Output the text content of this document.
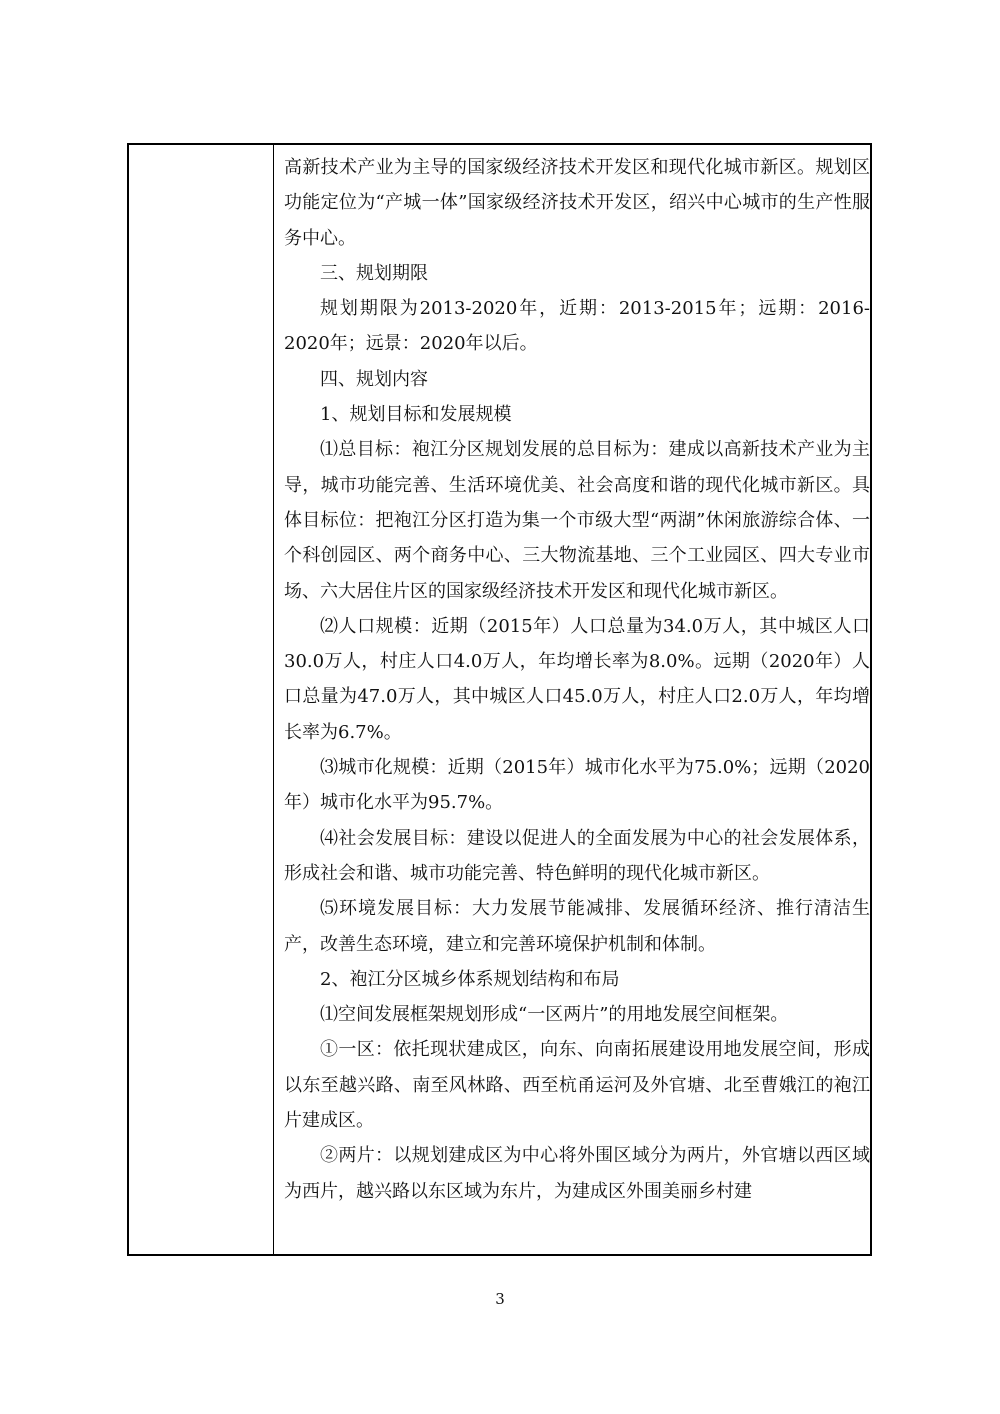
高新技术产业为主导的国家级经济技术开发区和现代化城市新区。规划区功能定位为“产城一体”国家级经济技术开发区，绍兴中心城市的生产性服务中心。

三、规划期限

规划期限为2013-2020年，近期：2013-2015年；远期：2016-2020年；远景：2020年以后。

四、规划内容

1、规划目标和发展规模

⑴总目标：袍江分区规划发展的总目标为：建成以高新技术产业为主导，城市功能完善、生活环境优美、社会高度和谐的现代化城市新区。具体目标位：把袍江分区打造为集一个市级大型“两湖”休闲旅游综合体、一个科创园区、两个商务中心、三大物流基地、三个工业园区、四大专业市场、六大居住片区的国家级经济技术开发区和现代化城市新区。

⑵人口规模：近期（2015年）人口总量为34.0万人，其中城区人口30.0万人，村庄人口4.0万人，年均增长率为8.0%。远期（2020年）人口总量为47.0万人，其中城区人口45.0万人，村庄人口2.0万人，年均增长率为6.7%。

⑶城市化规模：近期（2015年）城市化水平为75.0%；远期（2020年）城市化水平为95.7%。

⑷社会发展目标：建设以促进人的全面发展为中心的社会发展体系，形成社会和谐、城市功能完善、特色鲜明的现代化城市新区。

⑸环境发展目标：大力发展节能减排、发展循环经济、推行清洁生产，改善生态环境，建立和完善环境保护机制和体制。

2、袍江分区城乡体系规划结构和布局

⑴空间发展框架规划形成“一区两片”的用地发展空间框架。

①一区：依托现状建成区，向东、向南拓展建设用地发展空间，形成以东至越兴路、南至风林路、西至杭甬运河及外官塘、北至曹娥江的袍江片建成区。

②两片：以规划建成区为中心将外围区域分为两片，外官塘以西区域为西片，越兴路以东区域为东片，为建成区外围美丽乡村建

3
